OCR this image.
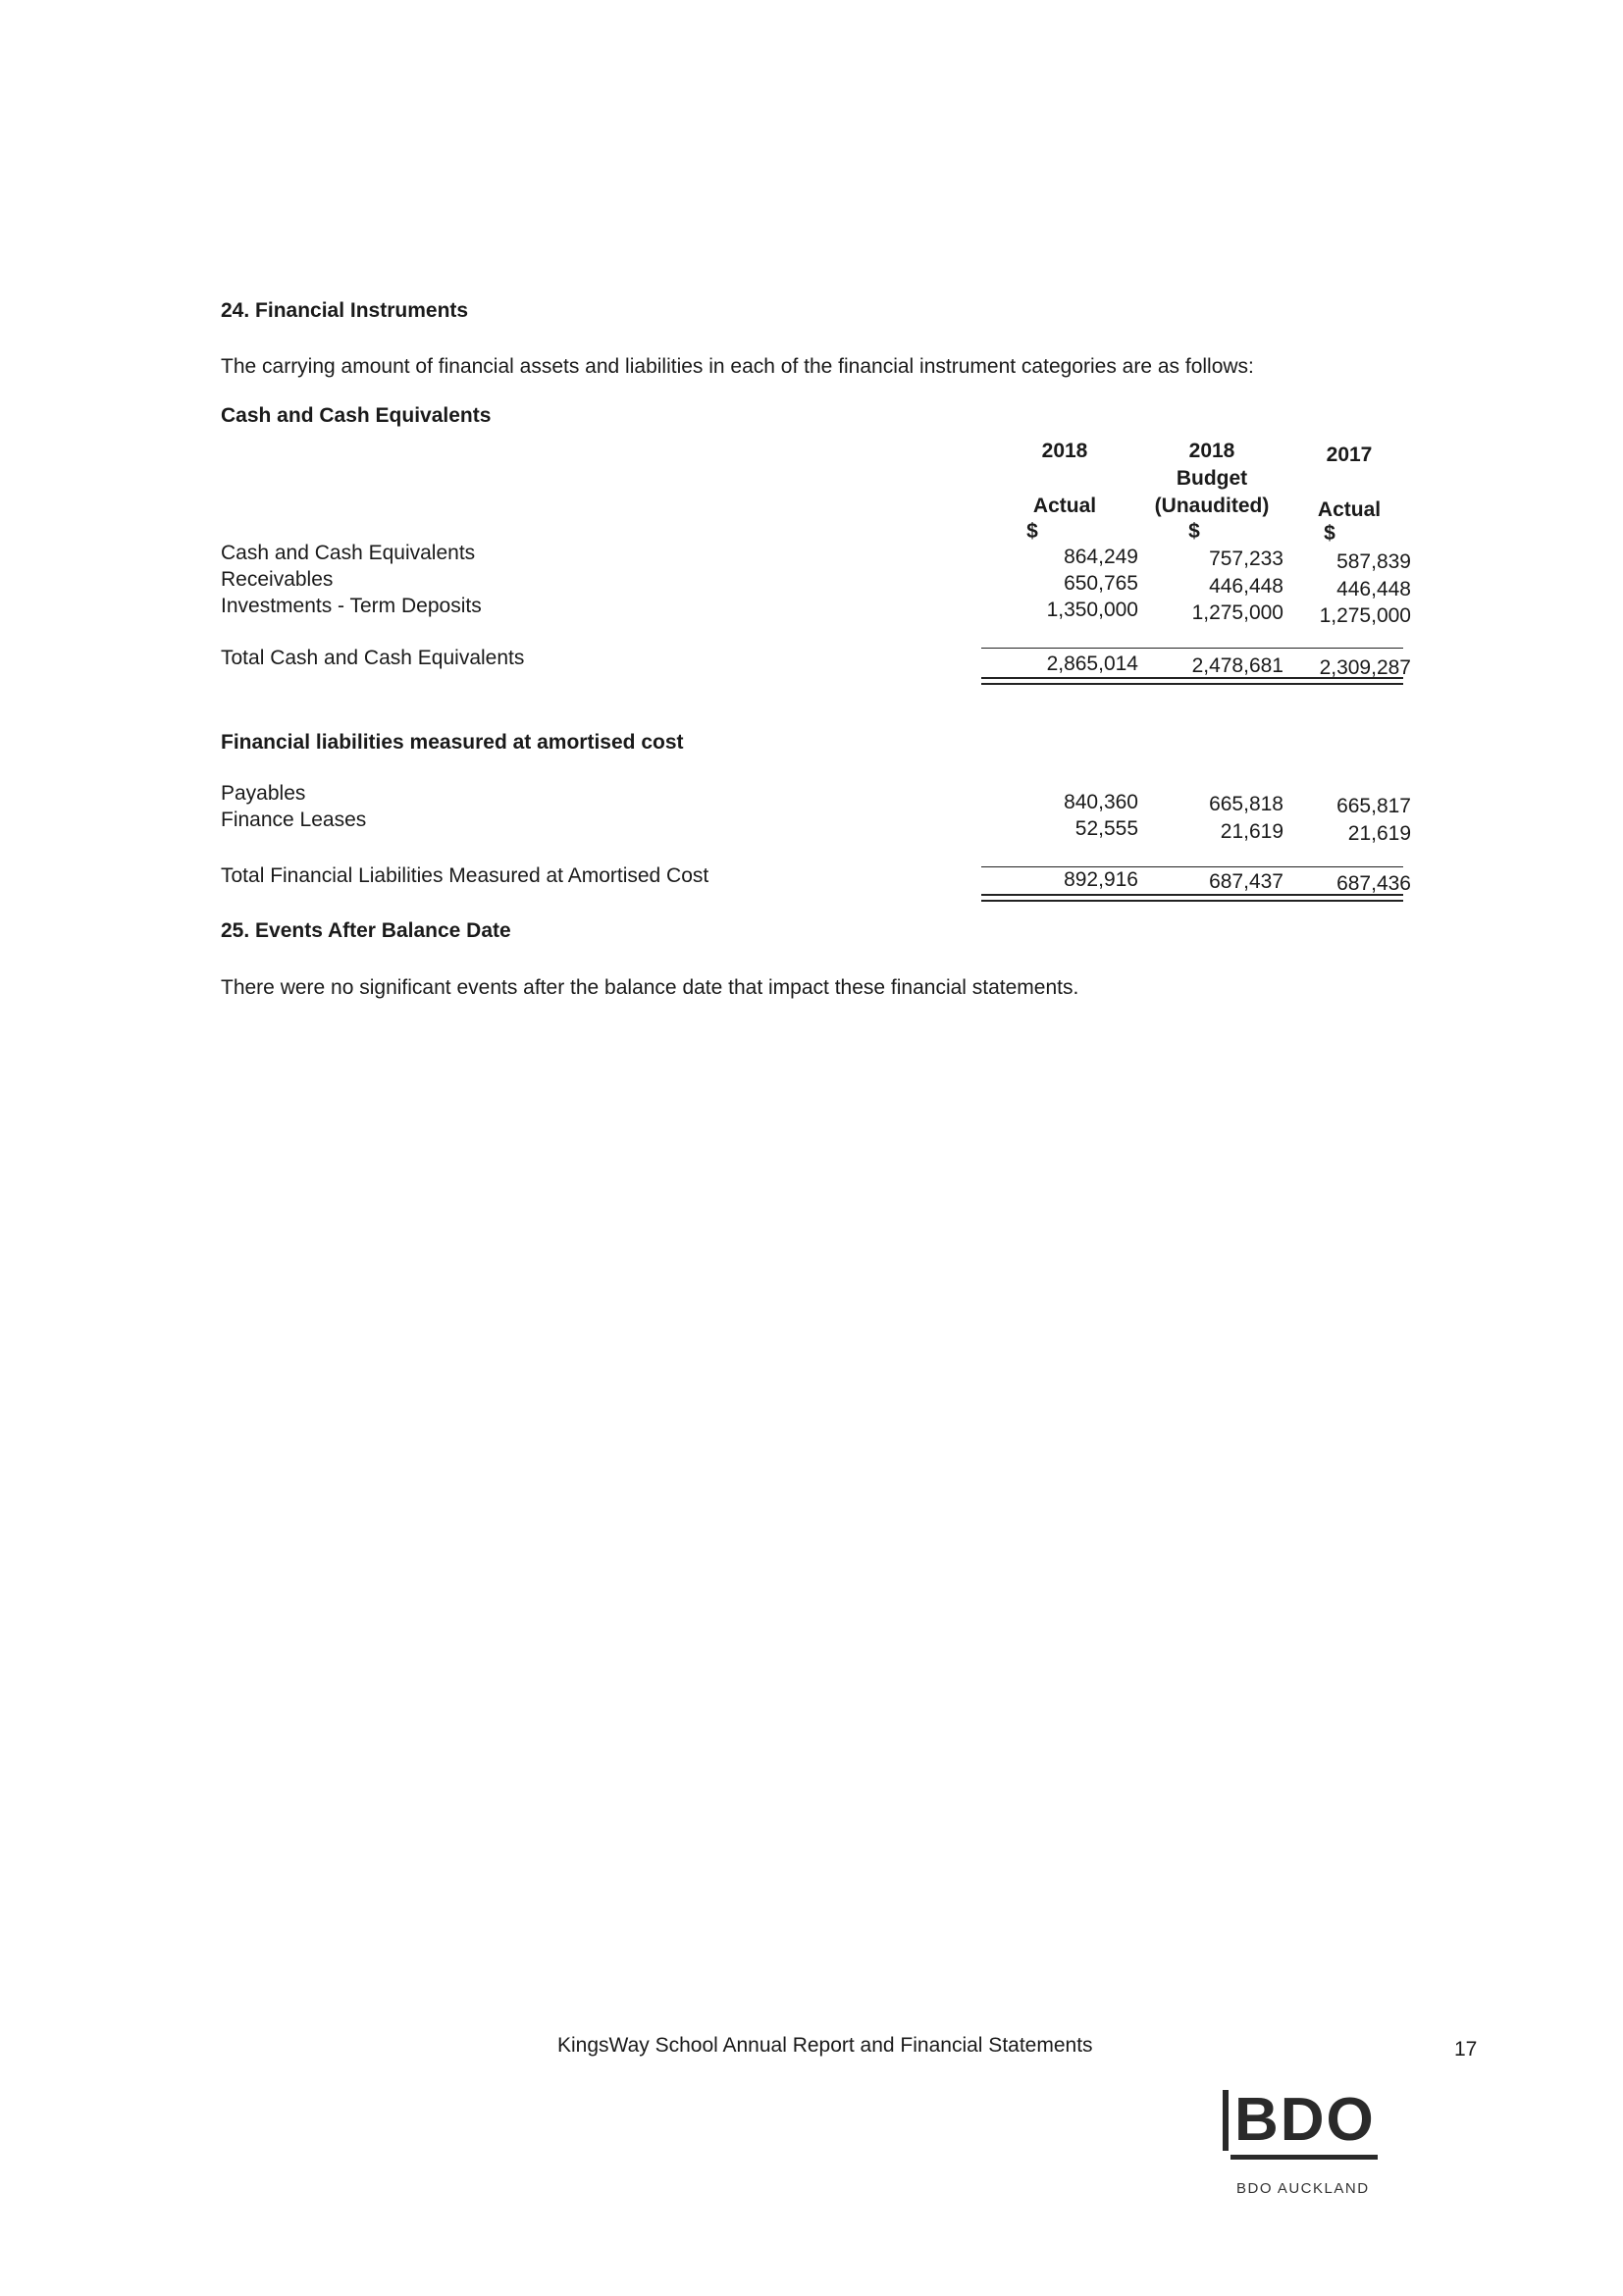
24. Financial Instruments
The carrying amount of financial assets and liabilities in each of the financial instrument categories are as follows:
Cash and Cash Equivalents
2018	2018	2017
Budget
Actual	(Unaudited)	Actual
$	$	$
Cash and Cash Equivalents	864,249	757,233	587,839
Receivables	650,765	446,448	446,448
Investments - Term Deposits	1,350,000	1,275,000	1,275,000
Total Cash and Cash Equivalents	2,865,014	2,478,681	2,309,287
Financial liabilities measured at amortised cost
Payables	840,360	665,818	665,817
Finance Leases	52,555	21,619	21,619
Total Financial Liabilities Measured at Amortised Cost	892,916	687,437	687,436
25. Events After Balance Date
There were no significant events after the balance date that impact these financial statements.
KingsWay School Annual Report and Financial Statements	17
BDO
BDO AUCKLAND
